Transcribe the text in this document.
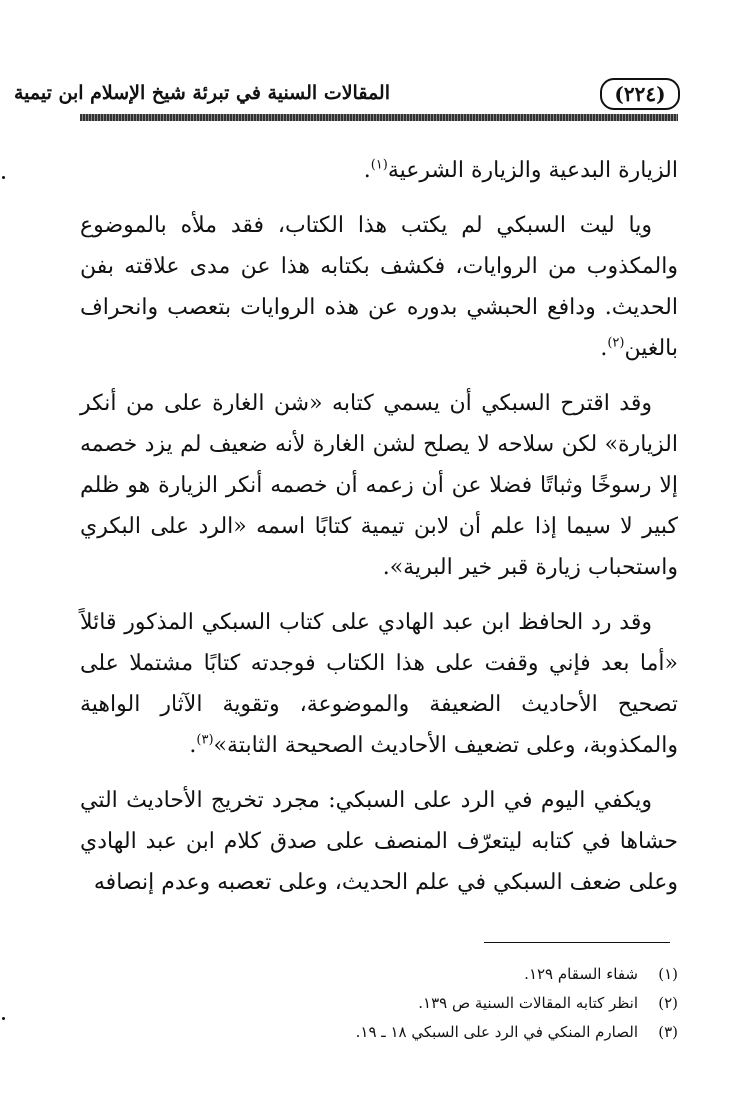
(٢٢٤)
المقالات السنية في تبرئة شيخ الإسلام ابن تيمية

الزيارة البدعية والزيارة الشرعية$^{(١)}$.

ويا ليت السبكي لم يكتب هذا الكتاب، فقد ملأه بالموضوع والمكذوب من الروايات، فكشف بكتابه هذا عن مدى علاقته بفن الحديث. ودافع الحبشي بدوره عن هذه الروايات بتعصب وانحراف بالغين$^{(٢)}$.

وقد اقترح السبكي أن يسمي كتابه «شن الغارة على من أنكر الزيارة» لكن سلاحه لا يصلح لشن الغارة لأنه ضعيف لم يزد خصمه إلا رسوخًا وثباتًا فضلا عن أن زعمه أن خصمه أنكر الزيارة هو ظلم كبير لا سيما إذا علم أن لابن تيمية كتابًا اسمه «الرد على البكري واستحباب زيارة قبر خير البرية».

وقد رد الحافظ ابن عبد الهادي على كتاب السبكي المذكور قائلاً «أما بعد فإني وقفت على هذا الكتاب فوجدته كتابًا مشتملا على تصحيح الأحاديث الضعيفة والموضوعة، وتقوية الآثار الواهية والمكذوبة، وعلى تضعيف الأحاديث الصحيحة الثابتة»$^{(٣)}$.

ويكفي اليوم في الرد على السبكي: مجرد تخريج الأحاديث التي حشاها في كتابه ليتعرّف المنصف على صدق كلام ابن عبد الهادي وعلى ضعف السبكي في علم الحديث، وعلى تعصبه وعدم إنصافه

(١)شفاء السقام ١٢٩.
(٢)انظر كتابه المقالات السنية ص ١٣٩.
(٣)الصارم المنكي في الرد على السبكي ١٨ ـ ١٩.
